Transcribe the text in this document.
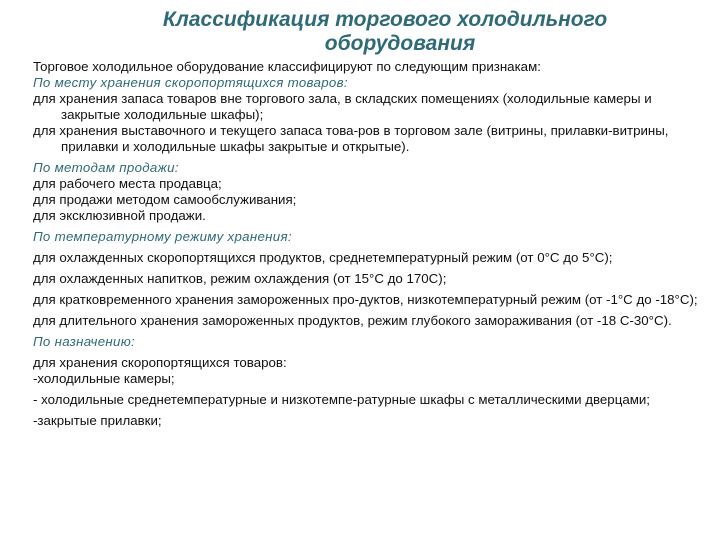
Классификация торгового холодильного
оборудования

Торговое холодильное оборудование классифицируют по следующим признакам:

По месту хранения скоропортящихся товаров:

для хранения запаса товаров вне торгового зала, в складских помещениях (холодильные камеры и закрытые холодильные шкафы);

для хранения выставочного и текущего запаса това-ров в торговом зале (витрины, прилавки-витрины, прилавки и холодильные шкафы закрытые и открытые).

По методам продажи:

для рабочего места продавца;

для продажи методом самообслуживания;

для эксклюзивной продажи.

По температурному режиму хранения:

для охлажденных скоропортящихся продуктов, среднетемпературный режим (от 0°С до 5°С);

для охлажденных напитков, режим охлаждения (от 15°С до 170С);

для кратковременного хранения замороженных про-дуктов, низкотемпературный режим (от -1°С до -18°С);

для длительного хранения замороженных продуктов, режим глубокого замораживания (от -18 С-30°С).

По назначению:

для хранения скоропортящихся товаров:

-холодильные камеры;

- холодильные среднетемпературные и низкотемпе-ратурные шкафы с металлическими дверцами;

-закрытые прилавки;
